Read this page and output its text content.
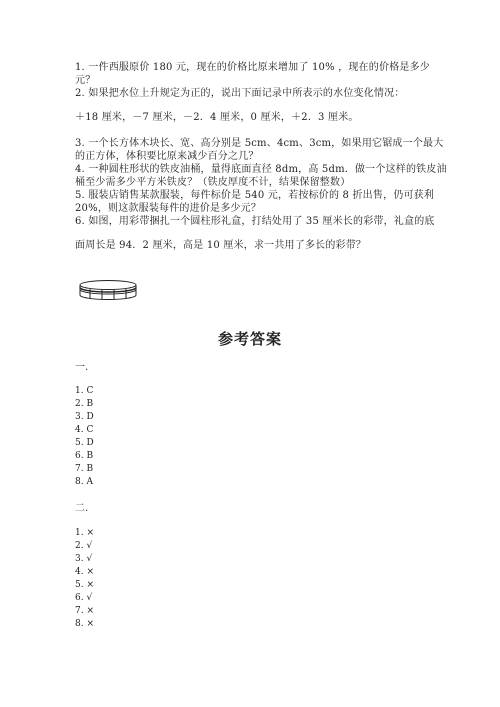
1. 一件西服原价 180 元，现在的价格比原来增加了 10% ，现在的价格是多少
元？
2. 如果把水位上升规定为正的，说出下面记录中所表示的水位变化情况：
＋18 厘米，－7 厘米，－2．4 厘米，0 厘米，＋2．3 厘米。
3. 一个长方体木块长、宽、高分别是 5cm、4cm、3cm，如果用它锯成一个最大
的正方体，体积要比原来减少百分之几？
4. 一种圆柱形状的铁皮油桶，量得底面直径 8dm，高 5dm．做一个这样的铁皮油
桶至少需多少平方米铁皮？（铁皮厚度不计，结果保留整数）
5. 服装店销售某款服装，每件标价是 540 元，若按标价的 8 折出售，仍可获利
20%，则这款服装每件的进价是多少元？
6. 如图，用彩带捆扎一个圆柱形礼盒，打结处用了 35 厘米长的彩带，礼盒的底
面周长是 94．2 厘米，高是 10 厘米，求一共用了多长的彩带？
参考答案
一.
1. C
2. B
3. D
4. C
5. D
6. B
7. B
8. A
二.
1. ×
2. √
3. √
4. ×
5. ×
6. √
7. ×
8. ×
